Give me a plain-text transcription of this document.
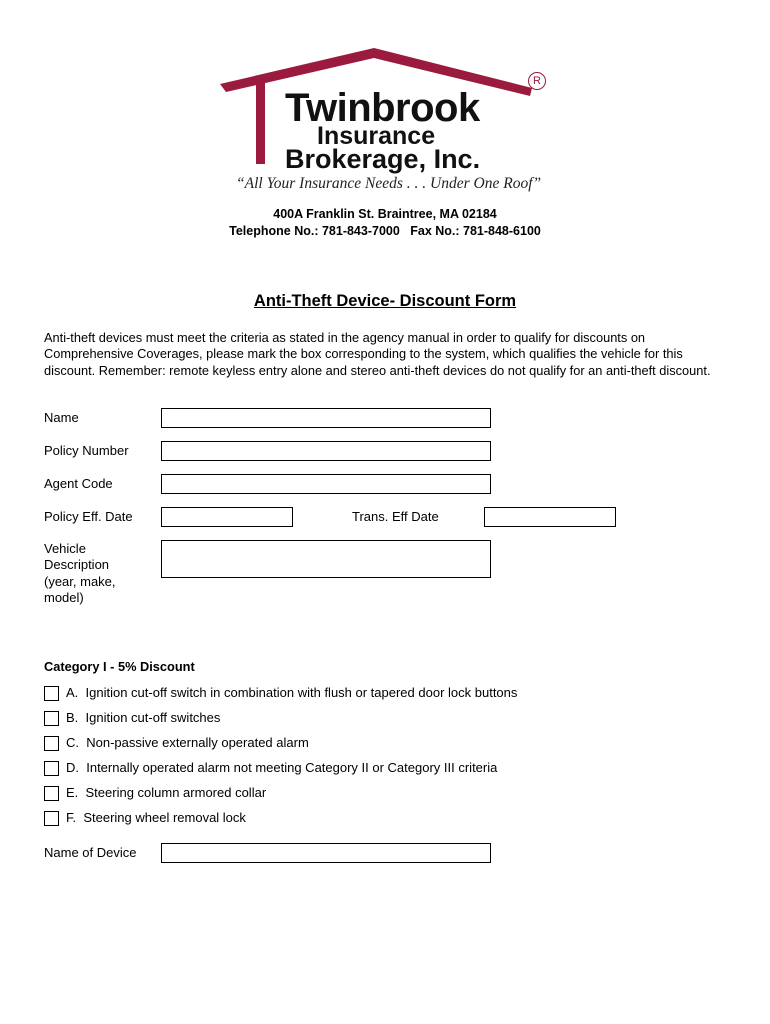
R
Twinbrook
Insurance
Brokerage, Inc.
“All Your Insurance Needs . . . Under One Roof”
400A Franklin St. Braintree, MA 02184
Telephone No.: 781-843-7000   Fax No.: 781-848-6100
Anti-Theft Device- Discount Form
Anti-theft devices must meet the criteria as stated in the agency manual in order to qualify for discounts on Comprehensive Coverages, please mark the box corresponding to the system, which qualifies the vehicle for this discount. Remember: remote keyless entry alone and stereo anti-theft devices do not qualify for an anti-theft discount.
Name
Policy Number
Agent Code
Policy Eff. Date	Trans. Eff Date
Vehicle Description (year, make, model)
Category I - 5% Discount
A.  Ignition cut-off switch in combination with flush or tapered door lock buttons
B.  Ignition cut-off switches
C.  Non-passive externally operated alarm
D.  Internally operated alarm not meeting Category II or Category III criteria
E.  Steering column armored collar
F.  Steering wheel removal lock
Name of Device
